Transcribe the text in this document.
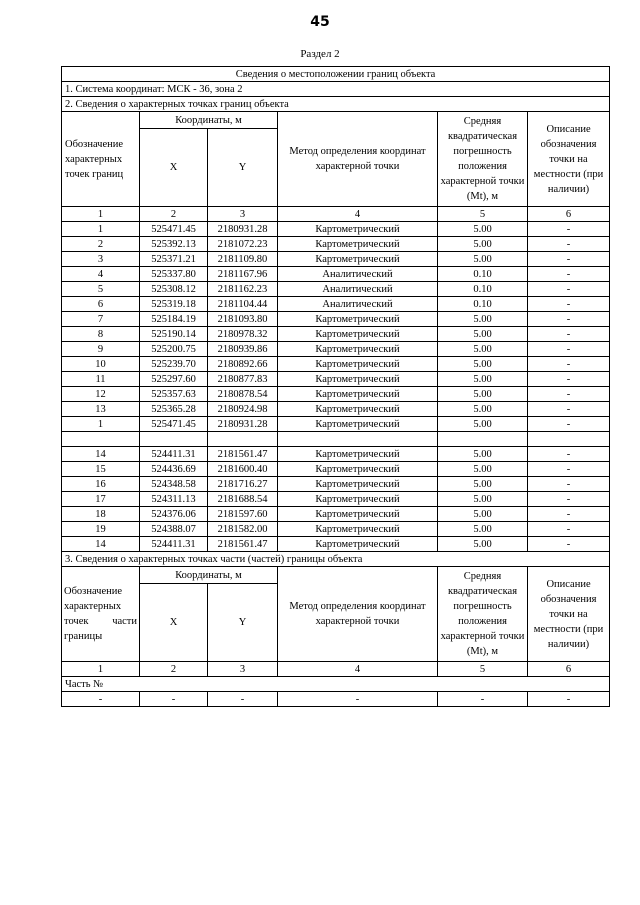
45
Раздел 2
Сведения о местоположении границ объекта					
1. Система координат: МСК - 36, зона 2					
2. Сведения о характерных точках границ объекта					
Обозначение характерных точек границ	Координаты, м		Метод определения координат характерной точки	Средняя квадратическая погрешность положения характерной точки (Mt), м	Описание обозначения точки на местности (при наличии)
	X	Y			
1	2	3	4	5	6
1	525471.45	2180931.28	Картометрический	5.00	-
2	525392.13	2181072.23	Картометрический	5.00	-
3	525371.21	2181109.80	Картометрический	5.00	-
4	525337.80	2181167.96	Аналитический	0.10	-
5	525308.12	2181162.23	Аналитический	0.10	-
6	525319.18	2181104.44	Аналитический	0.10	-
7	525184.19	2181093.80	Картометрический	5.00	-
8	525190.14	2180978.32	Картометрический	5.00	-
9	525200.75	2180939.86	Картометрический	5.00	-
10	525239.70	2180892.66	Картометрический	5.00	-
11	525297.60	2180877.83	Картометрический	5.00	-
12	525357.63	2180878.54	Картометрический	5.00	-
13	525365.28	2180924.98	Картометрический	5.00	-
1	525471.45	2180931.28	Картометрический	5.00	-

14	524411.31	2181561.47	Картометрический	5.00	-
15	524436.69	2181600.40	Картометрический	5.00	-
16	524348.58	2181716.27	Картометрический	5.00	-
17	524311.13	2181688.54	Картометрический	5.00	-
18	524376.06	2181597.60	Картометрический	5.00	-
19	524388.07	2181582.00	Картометрический	5.00	-
14	524411.31	2181561.47	Картометрический	5.00	-
3. Сведения о характерных точках части (частей) границы объекта					
Обозначение характерных точек части границы	Координаты, м		Метод определения координат характерной точки	Средняя квадратическая погрешность положения характерной точки (Mt), м	Описание обозначения точки на местности (при наличии)
	X	Y			
1	2	3	4	5	6
Часть №					
-	-	-	-	-	-
